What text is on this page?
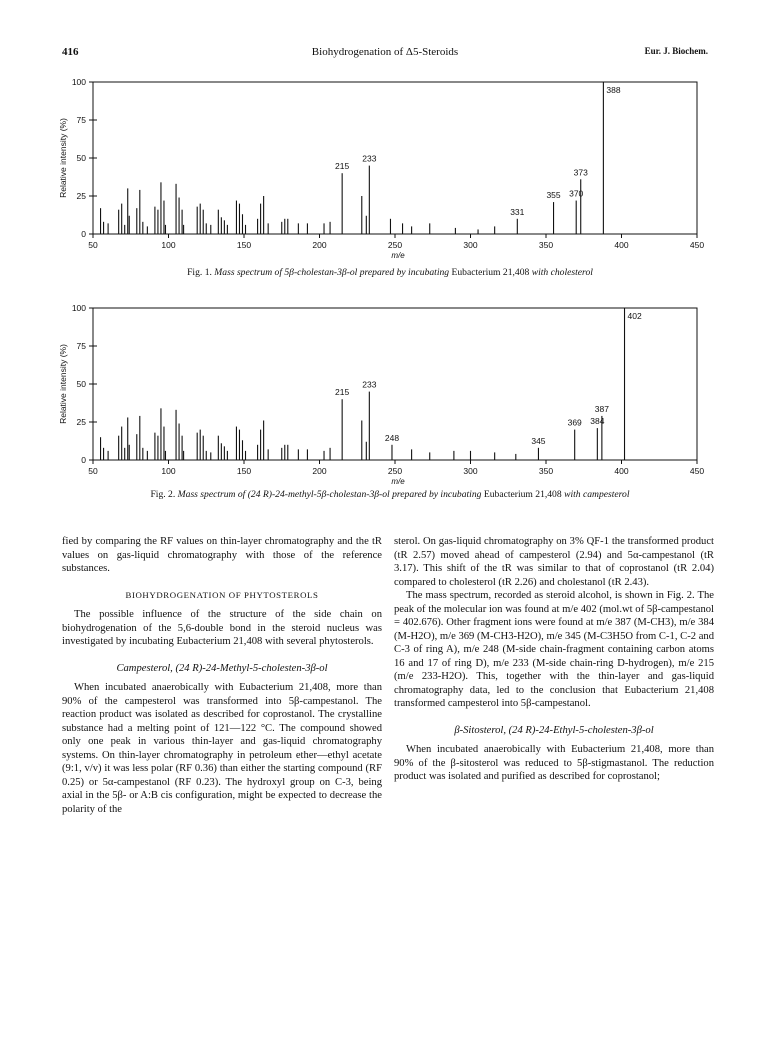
416	Biohydrogenation of Δ5-Steroids	Eur. J. Biochem.
50	100	150	200	250	300	350	400	450
0
25
50
75
100
m/e
Relative intensity (%)	215
233
331
355 370
373
388
Fig. 1. Mass spectrum of 5β-cholestan-3β-ol prepared by incubating Eubacterium 21,408 with cholesterol
50	100	150	200	250	300	350	400	450
0
25
50
75
100
m/e
Relative intensity (%)	215
233
248	345
369 384
387
402
Fig. 2. Mass spectrum of (24 R)-24-methyl-5β-cholestan-3β-ol prepared by incubating Eubacterium 21,408 with campesterol

fied by comparing the RF values on thin-layer chromatography and the tR values on gas-liquid chromatography with those of the reference substances.

BIOHYDROGENATION OF PHYTOSTEROLS

The possible influence of the structure of the side chain on biohydrogenation of the 5,6-double bond in the steroid nucleus was investigated by incubating Eubacterium 21,408 with several phytosterols.

Campesterol, (24 R)-24-Methyl-5-cholesten-3β-ol

When incubated anaerobically with Eubacterium 21,408, more than 90% of the campesterol was transformed into 5β-campestanol. The reaction product was isolated as described for coprostanol. The crystalline substance had a melting point of 121—122 °C. The compound showed only one peak in various thin-layer and gas-liquid chromatography systems. On thin-layer chromatography in petroleum ether—ethyl acetate (9:1, v/v) it was less polar (RF 0.36) than either the starting compound (RF 0.25) or 5α-campestanol (RF 0.23). The hydroxyl group on C-3, being axial in the 5β- or A:B cis configuration, might be expected to decrease the polarity of the

sterol. On gas-liquid chromatography on 3% QF-1 the transformed product (tR 2.57) moved ahead of campesterol (2.94) and 5α-campestanol (tR 3.17). This shift of the tR was similar to that of coprostanol (tR 2.04) compared to cholesterol (tR 2.26) and cholestanol (tR 2.43).

The mass spectrum, recorded as steroid alcohol, is shown in Fig. 2. The peak of the molecular ion was found at m/e 402 (mol.wt of 5β-campestanol = 402.676). Other fragment ions were found at m/e 387 (M-CH3), m/e 384 (M-H2O), m/e 369 (M-CH3-H2O), m/e 345 (M-C3H5O from C-1, C-2 and C-3 of ring A), m/e 248 (M-side chain-fragment containing carbon atoms 16 and 17 of ring D), m/e 233 (M-side chain-ring D-hydrogen), m/e 215 (m/e 233-H2O). This, together with the thin-layer and gas-liquid chromatography data, led to the conclusion that Eubacterium 21,408 transformed campesterol into 5β-campestanol.

β-Sitosterol, (24 R)-24-Ethyl-5-cholesten-3β-ol

When incubated anaerobically with Eubacterium 21,408, more than 90% of the β-sitosterol was reduced to 5β-stigmastanol. The reduction product was isolated and purified as described for coprostanol;
